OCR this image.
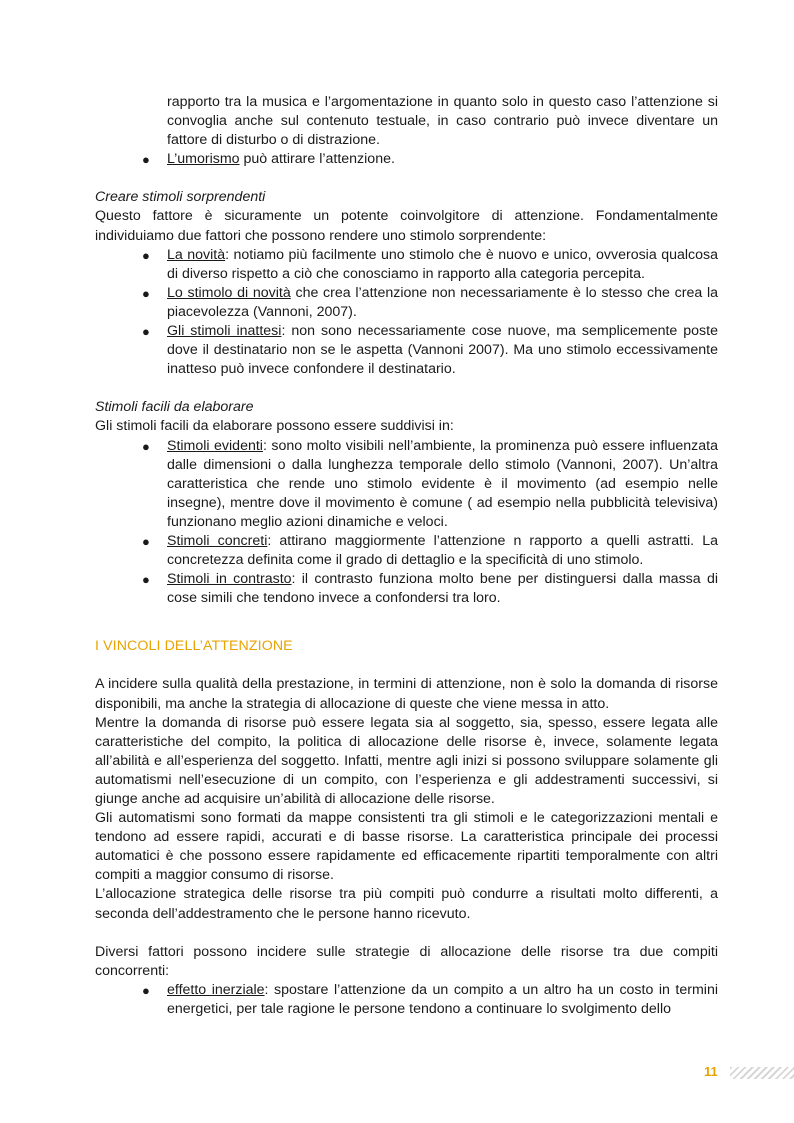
rapporto tra la musica e l’argomentazione in quanto solo in questo caso l’attenzione si convoglia anche sul contenuto testuale, in caso contrario può invece diventare un fattore di disturbo o di distrazione.

● L’umorismo può attirare l’attenzione.

Creare stimoli sorprendenti

Questo fattore è sicuramente un potente coinvolgitore di attenzione. Fondamentalmente individuiamo due fattori che possono rendere uno stimolo sorprendente:

● La novità: notiamo più facilmente uno stimolo che è nuovo e unico, ovverosia qualcosa di diverso rispetto a ciò che conosciamo in rapporto alla categoria percepita.
● Lo stimolo di novità che crea l’attenzione non necessariamente è lo stesso che crea la piacevolezza (Vannoni, 2007).
● Gli stimoli inattesi: non sono necessariamente cose nuove, ma semplicemente poste dove il destinatario non se le aspetta (Vannoni 2007). Ma uno stimolo eccessivamente inatteso può invece confondere il destinatario.

Stimoli facili da elaborare

Gli stimoli facili da elaborare possono essere suddivisi in:

● Stimoli evidenti: sono molto visibili nell’ambiente, la prominenza può essere influenzata dalle dimensioni o dalla lunghezza temporale dello stimolo (Vannoni, 2007). Un’altra caratteristica che rende uno stimolo evidente è il movimento (ad esempio nelle insegne), mentre dove il movimento è comune ( ad esempio nella pubblicità televisiva) funzionano meglio azioni dinamiche e veloci.
● Stimoli concreti: attirano maggiormente l’attenzione n rapporto a quelli astratti. La concretezza definita come il grado di dettaglio e la specificità di uno stimolo.
● Stimoli in contrasto: il contrasto funziona molto bene per distinguersi dalla massa di cose simili che tendono invece a confondersi tra loro.

I VINCOLI DELL’ATTENZIONE

A incidere sulla qualità della prestazione, in termini di attenzione, non è solo la domanda di risorse disponibili, ma anche la strategia di allocazione di queste che viene messa in atto.

Mentre la domanda di risorse può essere legata sia al soggetto, sia, spesso, essere legata alle caratteristiche del compito, la politica di allocazione delle risorse è, invece, solamente legata all’abilità e all’esperienza del soggetto. Infatti, mentre agli inizi si possono sviluppare solamente gli automatismi nell’esecuzione di un compito, con l’esperienza e gli addestramenti successivi, si giunge anche ad acquisire un’abilità di allocazione delle risorse.

Gli automatismi sono formati da mappe consistenti tra gli stimoli e le categorizzazioni mentali e tendono ad essere rapidi, accurati e di basse risorse. La caratteristica principale dei processi automatici è che possono essere rapidamente ed efficacemente ripartiti temporalmente con altri compiti a maggior consumo di risorse.

L’allocazione strategica delle risorse tra più compiti può condurre a risultati molto differenti, a seconda dell’addestramento che le persone hanno ricevuto.

Diversi fattori possono incidere sulle strategie di allocazione delle risorse tra due compiti concorrenti:

● effetto inerziale: spostare l’attenzione da un compito a un altro ha un costo in termini energetici, per tale ragione le persone tendono a continuare lo svolgimento dello
11
